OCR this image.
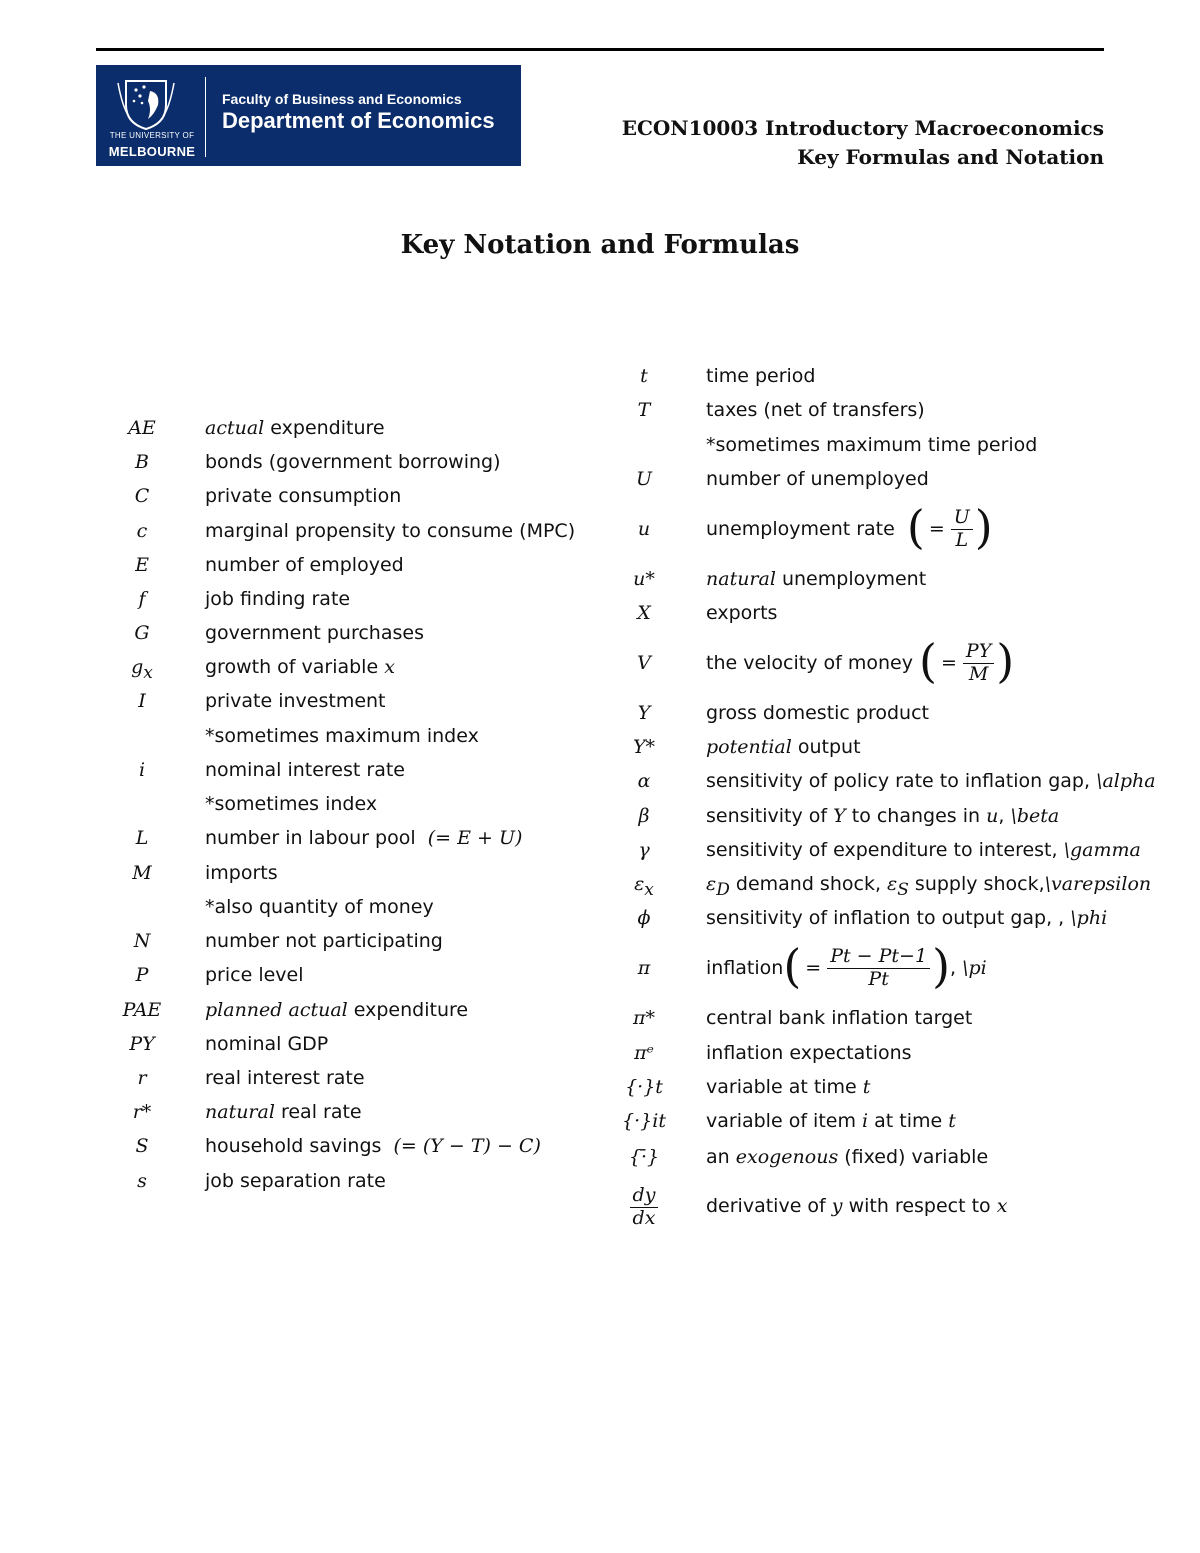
THE UNIVERSITY OF
MELBOURNE
Faculty of Business and Economics
Department of Economics	ECON10003 Introductory Macroeconomics
Key Formulas and Notation
Key Notation and Formulas
AE	actual expenditure
B	bonds (government borrowing)
C	private consumption
c	marginal propensity to consume (MPC)
E	number of employed
f	job finding rate
G	government purchases
$g_x$	growth of variable x
I	private investment
*sometimes maximum index
i	nominal interest rate
*sometimes index
L	number in labour pool (= E + U)
M	imports
*also quantity of money
N	number not participating
P	price level
PAE	planned actual expenditure
PY	nominal GDP
r	real interest rate
r*	natural real rate
S	household savings (= (Y − T) − C)
s	job separation rate
t	time period
T	taxes (net of transfers)
*sometimes maximum time period
U	number of unemployed
u	unemployment rate ( = $\frac{U}{L}$ )
u*	natural unemployment
X	exports
V	the velocity of money ( = $\frac{PY}{M}$ )
Y	gross domestic product
Y*	potential output
α	sensitivity of policy rate to inflation gap, \alpha
β	sensitivity of Y to changes in u, \beta
γ	sensitivity of expenditure to interest, \gamma
$\varepsilon_x$	$\varepsilon_D$ demand shock, $\varepsilon_S$ supply shock,\varepsilon
ϕ	sensitivity of inflation to output gap, , \phi
π	inflation( = $\frac{Pt - Pt-1}{Pt}$ ), \pi
π*	central bank inflation target
πᵉ	inflation expectations
{·}t	variable at time t
{·}it	variable of item i at time t
{·̄}	an exogenous (fixed) variable
$\frac{dy}{dx}$	derivative of y with respect to x
